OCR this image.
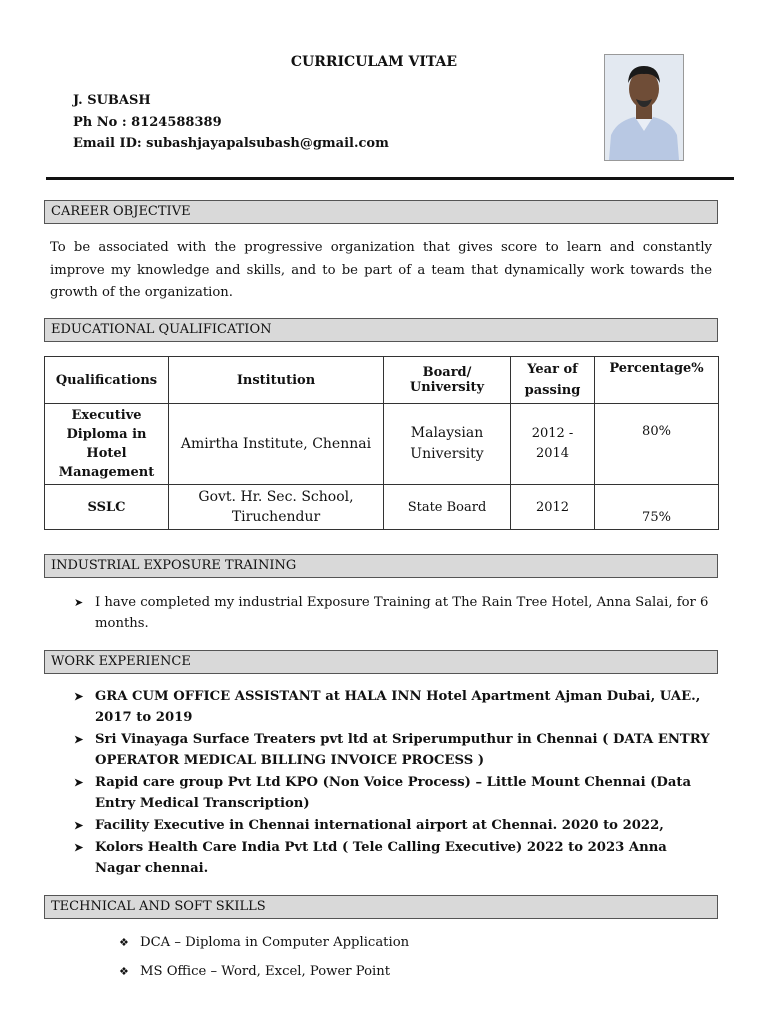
CURRICULAM VITAE
J. SUBASH
Ph No : 8124588389
Email ID: subashjayapalsubash@gmail.com
CAREER OBJECTIVE
To be associated with the progressive organization that gives score to learn and constantly improve my knowledge and skills, and to be part of a team that dynamically work towards the growth of the organization.
EDUCATIONAL QUALIFICATION
Qualifications	Institution	Board/ University	Year of passing	Percentage%
Executive Diploma in Hotel Management	Amirtha Institute, Chennai	Malaysian University	2012 - 2014	80%
SSLC	Govt. Hr. Sec. School, Tiruchendur	State Board	2012	75%
INDUSTRIAL EXPOSURE TRAINING
➤ I have completed my industrial Exposure Training at The Rain Tree Hotel, Anna Salai, for 6 months.
WORK EXPERIENCE
➤ GRA CUM OFFICE ASSISTANT at HALA INN Hotel Apartment Ajman Dubai, UAE., 2017 to 2019
➤ Sri Vinayaga Surface Treaters pvt ltd at Sriperumputhur in Chennai ( DATA ENTRY OPERATOR MEDICAL BILLING INVOICE PROCESS )
➤ Rapid care group Pvt Ltd KPO (Non Voice Process) – Little Mount Chennai (Data Entry Medical Transcription)
➤ Facility Executive in Chennai international airport at Chennai. 2020 to 2022,
➤ Kolors Health Care India Pvt Ltd ( Tele Calling Executive) 2022 to 2023 Anna Nagar chennai.
TECHNICAL AND SOFT SKILLS
❖ DCA – Diploma in Computer Application
❖ MS Office – Word, Excel, Power Point
